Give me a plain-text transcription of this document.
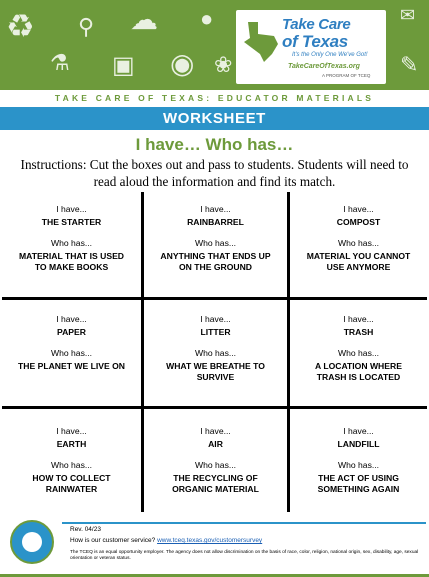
♻ ⚲ ☁ ●	✉
⚗ ▣ ◉ ❀	✎
Take Care
of Texas
It's the Only One We've Got!
TakeCareOfTexas.org
A PROGRAM OF TCEQ
TAKE CARE OF TEXAS: EDUCATOR MATERIALS
WORKSHEET
I have… Who has…
Instructions: Cut the boxes out and pass to students. Students will need to read aloud the information and find its match.
I have...
THE STARTER
Who has...
MATERIAL THAT IS USED TO MAKE BOOKS
I have...
RAINBARREL
Who has...
ANYTHING THAT ENDS UP ON THE GROUND
I have...
COMPOST
Who has...
MATERIAL YOU CANNOT USE ANYMORE
I have...
PAPER
Who has...
THE PLANET WE LIVE ON
I have...
LITTER
Who has...
WHAT WE BREATHE TO SURVIVE
I have...
TRASH
Who has...
A LOCATION WHERE TRASH IS LOCATED
I have...
EARTH
Who has...
HOW TO COLLECT RAINWATER
I have...
AIR
Who has...
THE RECYCLING OF ORGANIC MATERIAL
I have...
LANDFILL
Who has...
THE ACT OF USING SOMETHING AGAIN
Rev. 04/23
How is our customer service? www.tceq.texas.gov/customersurvey
The TCEQ is an equal opportunity employer. The agency does not allow discrimination on the basis of race, color, religion, national origin, sex, disability, age, sexual orientation or veteran status.
